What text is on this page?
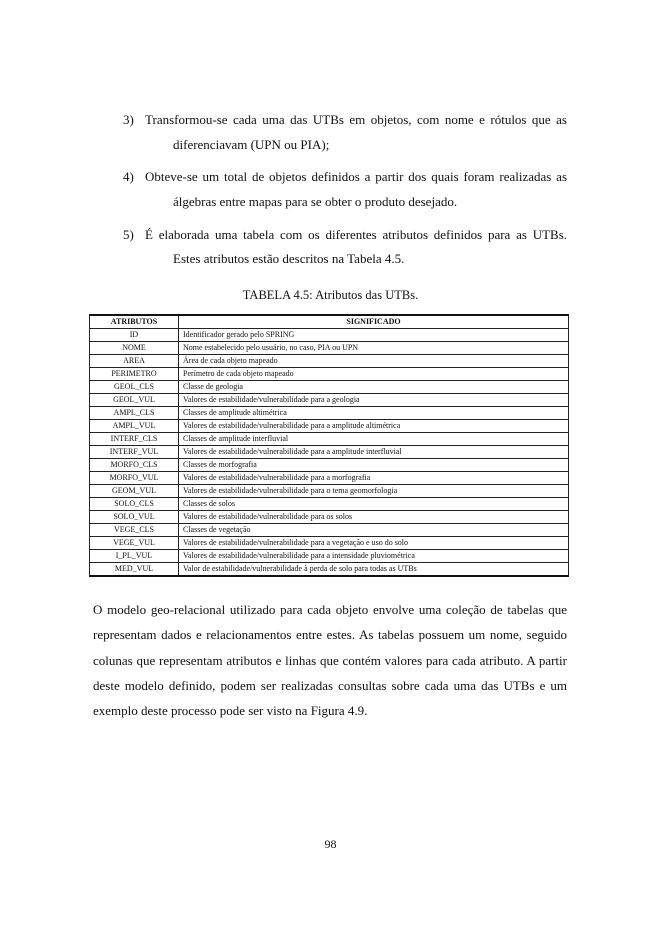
3) Transformou-se cada uma das UTBs em objetos, com nome e rótulos que as
diferenciavam (UPN ou PIA);
4) Obteve-se um total de objetos definidos a partir dos quais foram realizadas as
álgebras entre mapas para se obter o produto desejado.
5) É elaborada uma tabela com os diferentes atributos definidos para as UTBs.
Estes atributos estão descritos na Tabela 4.5.
TABELA 4.5: Atributos das UTBs.
ATRIBUTOS	SIGNIFICADO
ID	Identificador gerado pelo SPRING
NOME	Nome estabelecido pelo usuário, no caso, PIA ou UPN
AREA	Área de cada objeto mapeado
PERIMETRO	Perímetro de cada objeto mapeado
GEOL_CLS	Classe de geologia
GEOL_VUL	Valores de estabilidade/vulnerabilidade para a geologia
AMPL_CLS	Classes de amplitude altimétrica
AMPL_VUL	Valores de estabilidade/vulnerabilidade para a amplitude altimétrica
INTERF_CLS	Classes de amplitude interfluvial
INTERF_VUL	Valores de estabilidade/vulnerabilidade para a amplitude interfluvial
MORFO_CLS	Classes de morfografia
MORFO_VUL	Valores de estabilidade/vulnerabilidade para a morfografia
GEOM_VUL	Valores de estabilidade/vulnerabilidade para o tema geomorfologia
SOLO_CLS	Classes de solos
SOLO_VUL	Valores de estabilidade/vulnerabilidade para os solos
VEGE_CLS	Classes de vegetação
VEGE_VUL	Valores de estabilidade/vulnerabilidade para a vegetação e uso do solo
I_PL_VUL	Valores de estabilidade/vulnerabilidade para a intensidade pluviométrica
MED_VUL	Valor de estabilidade/vulnerabilidade à perda de solo para todas as UTBs
O modelo geo-relacional utilizado para cada objeto envolve uma coleção de tabelas que representam dados e relacionamentos entre estes. As tabelas possuem um nome, seguido colunas que representam atributos e linhas que contém valores para cada atributo. A partir deste modelo definido, podem ser realizadas consultas sobre cada uma das UTBs e um exemplo deste processo pode ser visto na Figura 4.9.
98
